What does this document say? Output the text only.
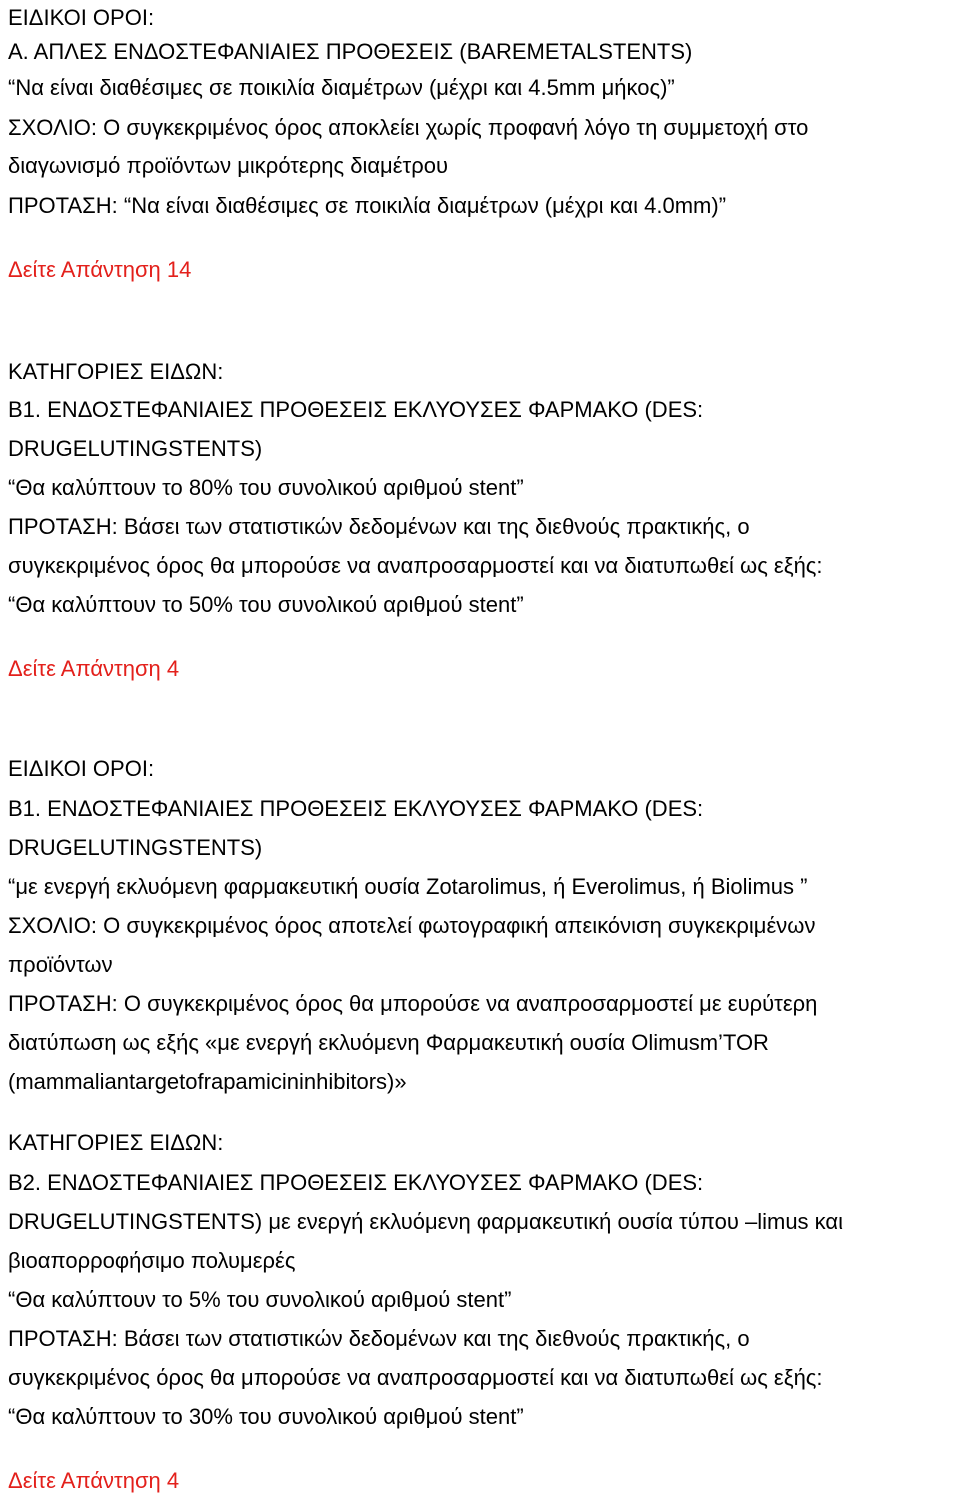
ΕΙΔΙΚΟΙ ΟΡΟΙ:

Α. ΑΠΛΕΣ ΕΝΔΟΣΤΕΦΑΝΙΑΙΕΣ ΠΡΟΘΕΣΕΙΣ (BAREMETALSTENTS)

“Να είναι διαθέσιμες σε ποικιλία διαμέτρων (μέχρι και 4.5mm μήκος)”

ΣΧΟΛΙΟ: Ο συγκεκριμένος όρος αποκλείει χωρίς προφανή λόγο τη συμμετοχή στο

διαγωνισμό προϊόντων μικρότερης διαμέτρου

ΠΡΟΤΑΣΗ: “Να είναι διαθέσιμες σε ποικιλία διαμέτρων (μέχρι και 4.0mm)”

Δείτε Απάντηση 14

ΚΑΤΗΓΟΡΙΕΣ ΕΙΔΩΝ:

Β1. ΕΝΔΟΣΤΕΦΑΝΙΑΙΕΣ ΠΡΟΘΕΣΕΙΣ ΕΚΛΥΟΥΣΕΣ ΦΑΡΜΑΚΟ (DES:

DRUGELUTINGSTENTS)

“Θα καλύπτουν το 80% του συνολικού αριθμού stent”

ΠΡΟΤΑΣΗ: Βάσει των στατιστικών δεδομένων και της διεθνούς πρακτικής, ο

συγκεκριμένος όρος θα μπορούσε να αναπροσαρμοστεί και να διατυπωθεί ως εξής:

“Θα καλύπτουν το 50% του συνολικού αριθμού stent”

Δείτε Απάντηση 4

ΕΙΔΙΚΟΙ ΟΡΟΙ:

Β1. ΕΝΔΟΣΤΕΦΑΝΙΑΙΕΣ ΠΡΟΘΕΣΕΙΣ ΕΚΛΥΟΥΣΕΣ ΦΑΡΜΑΚΟ (DES:

DRUGELUTINGSTENTS)

“με ενεργή εκλυόμενη φαρμακευτική ουσία Zotarolimus, ή Everolimus, ή Biolimus ”

ΣΧΟΛΙΟ: Ο συγκεκριμένος όρος αποτελεί φωτογραφική απεικόνιση συγκεκριμένων

προϊόντων

ΠΡΟΤΑΣΗ: Ο συγκεκριμένος όρος θα μπορούσε να αναπροσαρμοστεί με ευρύτερη

διατύπωση ως εξής «με ενεργή εκλυόμενη Φαρμακευτική ουσία Olimusm’TOR

(mammaliantargetofrapamicininhibitors)»

ΚΑΤΗΓΟΡΙΕΣ ΕΙΔΩΝ:

Β2. ΕΝΔΟΣΤΕΦΑΝΙΑΙΕΣ ΠΡΟΘΕΣΕΙΣ ΕΚΛΥΟΥΣΕΣ ΦΑΡΜΑΚΟ (DES:

DRUGELUTINGSTENTS) με ενεργή εκλυόμενη φαρμακευτική ουσία τύπου –limus και

βιοαπορροφήσιμο πολυμερές

“Θα καλύπτουν το 5% του συνολικού αριθμού stent”

ΠΡΟΤΑΣΗ: Βάσει των στατιστικών δεδομένων και της διεθνούς πρακτικής, ο

συγκεκριμένος όρος θα μπορούσε να αναπροσαρμοστεί και να διατυπωθεί ως εξής:

“Θα καλύπτουν το 30% του συνολικού αριθμού stent”

Δείτε Απάντηση 4
